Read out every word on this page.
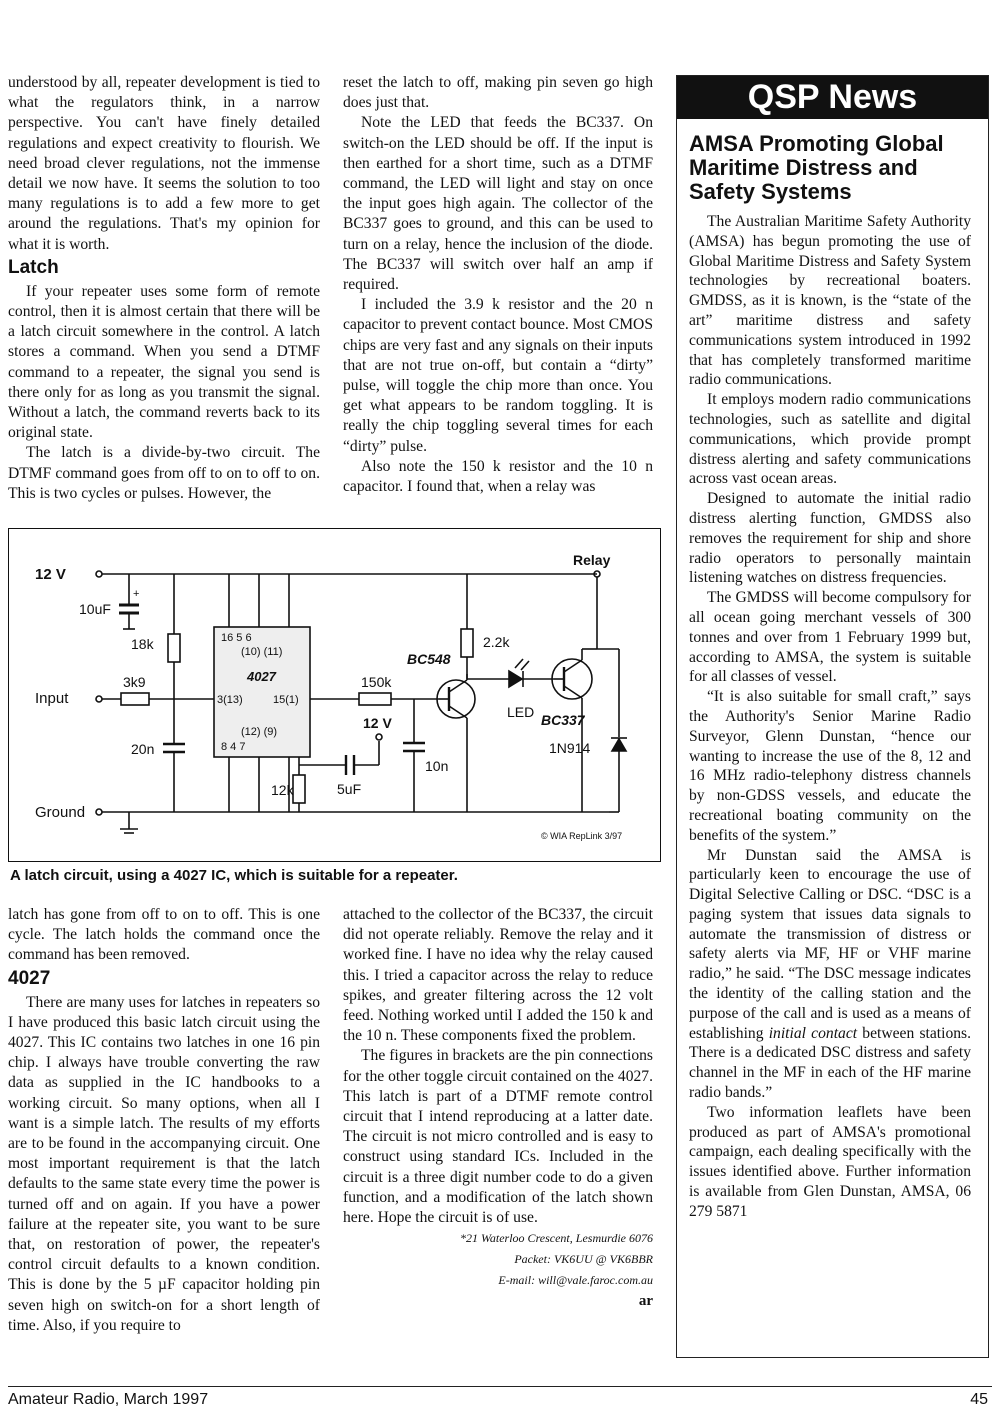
understood by all, repeater development is tied to what the regulators think, in a narrow perspective. You can't have finely detailed regulations and expect creativity to flourish. We need broad clever regulations, not the immense detail we now have. It seems the solution to too many regulations is to add a few more to get around the regulations. That's my opinion for what it is worth.

Latch

If your repeater uses some form of remote control, then it is almost certain that there will be a latch circuit somewhere in the control. A latch stores a command. When you send a DTMF command to a repeater, the signal you send is there only for as long as you transmit the signal. Without a latch, the command reverts back to its original state.

The latch is a divide-by-two circuit. The DTMF command goes from off to on to off to on. This is two cycles or pulses. However, the

reset the latch to off, making pin seven go high does just that.

Note the LED that feeds the BC337. On switch-on the LED should be off. If the input is then earthed for a short time, such as a DTMF command, the LED will light and stay on once the input goes high again. The collector of the BC337 goes to ground, and this can be used to turn on a relay, hence the inclusion of the diode. The BC337 will switch over half an amp if required.

I included the 3.9 k resistor and the 20 n capacitor to prevent contact bounce. Most CMOS chips are very fast and any signals on their inputs that are not true on-off, but contain a “dirty” pulse, will toggle the chip more than once. You get what appears to be random toggling. It is really the chip toggling several times for each “dirty” pulse.

Also note the 150 k resistor and the 10 n capacitor. I found that, when a relay was

QSP News
AMSA Promoting Global Maritime Distress and Safety Systems

The Australian Maritime Safety Authority (AMSA) has begun promoting the use of Global Maritime Distress and Safety System technologies by recreational boaters. GMDSS, as it is known, is the “state of the art” maritime distress and safety communications system introduced in 1992 that has completely transformed maritime radio communications.

It employs modern radio communications technologies, such as satellite and digital communications, which provide prompt distress alerting and safety communications across vast ocean areas.

Designed to automate the initial radio distress alerting function, GMDSS also removes the requirement for ship and shore radio operators to personally maintain listening watches on distress frequencies.

The GMDSS will become compulsory for all ocean going merchant vessels of 300 tonnes and over from 1 February 1999 but, according to AMSA, the system is suitable for all classes of vessel.

“It is also suitable for small craft,” says the Authority's Senior Marine Radio Surveyor, Glenn Dunstan, “hence our wanting to increase the use of the 8, 12 and 16 MHz radio-telephony distress channels by non-GDSS vessels, and educate the recreational boating community on the benefits of the system.”

Mr Dunstan said the AMSA is particularly keen to encourage the use of Digital Selective Calling or DSC. “DSC is a paging system that issues data signals to automate the transmission of distress or safety alerts via MF, HF or VHF marine radio,” he said. “The DSC message indicates the identity of the calling station and the purpose of the call and is used as a means of establishing initial contact between stations. There is a dedicated DSC distress and safety channel in the MF in each of the HF marine radio bands.”

Two information leaflets have been produced as part of AMSA's promotional campaign, each dealing specifically with the issues identified above. Further information is available from Glen Dunstan, AMSA, 06 279 5871

12 V
Relay
+
10uF
18k
Input
3k9
20n
Ground
16 5 6
(10) (11)
4027
3(13)	15(1)
(12) (9)
8 4 7
150k
10n
12k
12 V
5uF
BC548
2.2k
LED BC337
1N914
© WIA RepLink 3/97
A latch circuit, using a 4027 IC, which is suitable for a repeater.

latch has gone from off to on to off. This is one cycle. The latch holds the command once the command has been removed.

4027

There are many uses for latches in repeaters so I have produced this basic latch circuit using the 4027. This IC contains two latches in one 16 pin chip. I always have trouble converting the raw data as supplied in the IC handbooks to a working circuit. So many options, when all I want is a simple latch. The results of my efforts are to be found in the accompanying circuit. One most important requirement is that the latch defaults to the same state every time the power is turned off and on again. If you have a power failure at the repeater site, you want to be sure that, on restoration of power, the repeater's control circuit defaults to a known condition. This is done by the 5 µF capacitor holding pin seven high on switch-on for a short length of time. Also, if you require to

attached to the collector of the BC337, the circuit did not operate reliably. Remove the relay and it worked fine. I have no idea why the relay caused this. I tried a capacitor across the relay to reduce spikes, and greater filtering across the 12 volt feed. Nothing worked until I added the 150 k and the 10 n. These components fixed the problem.

The figures in brackets are the pin connections for the other toggle circuit contained on the 4027. This latch is part of a DTMF remote control circuit that I intend reproducing at a latter date. The circuit is not micro controlled and is easy to construct using standard ICs. Included in the circuit is a three digit number code to do a given function, and a modification of the latch shown here. Hope the circuit is of use.

*21 Waterloo Crescent, Lesmurdie 6076

Packet: VK6UU @ VK6BBR

E-mail: will@vale.faroc.com.au

ar

Amateur Radio, March 1997	45
